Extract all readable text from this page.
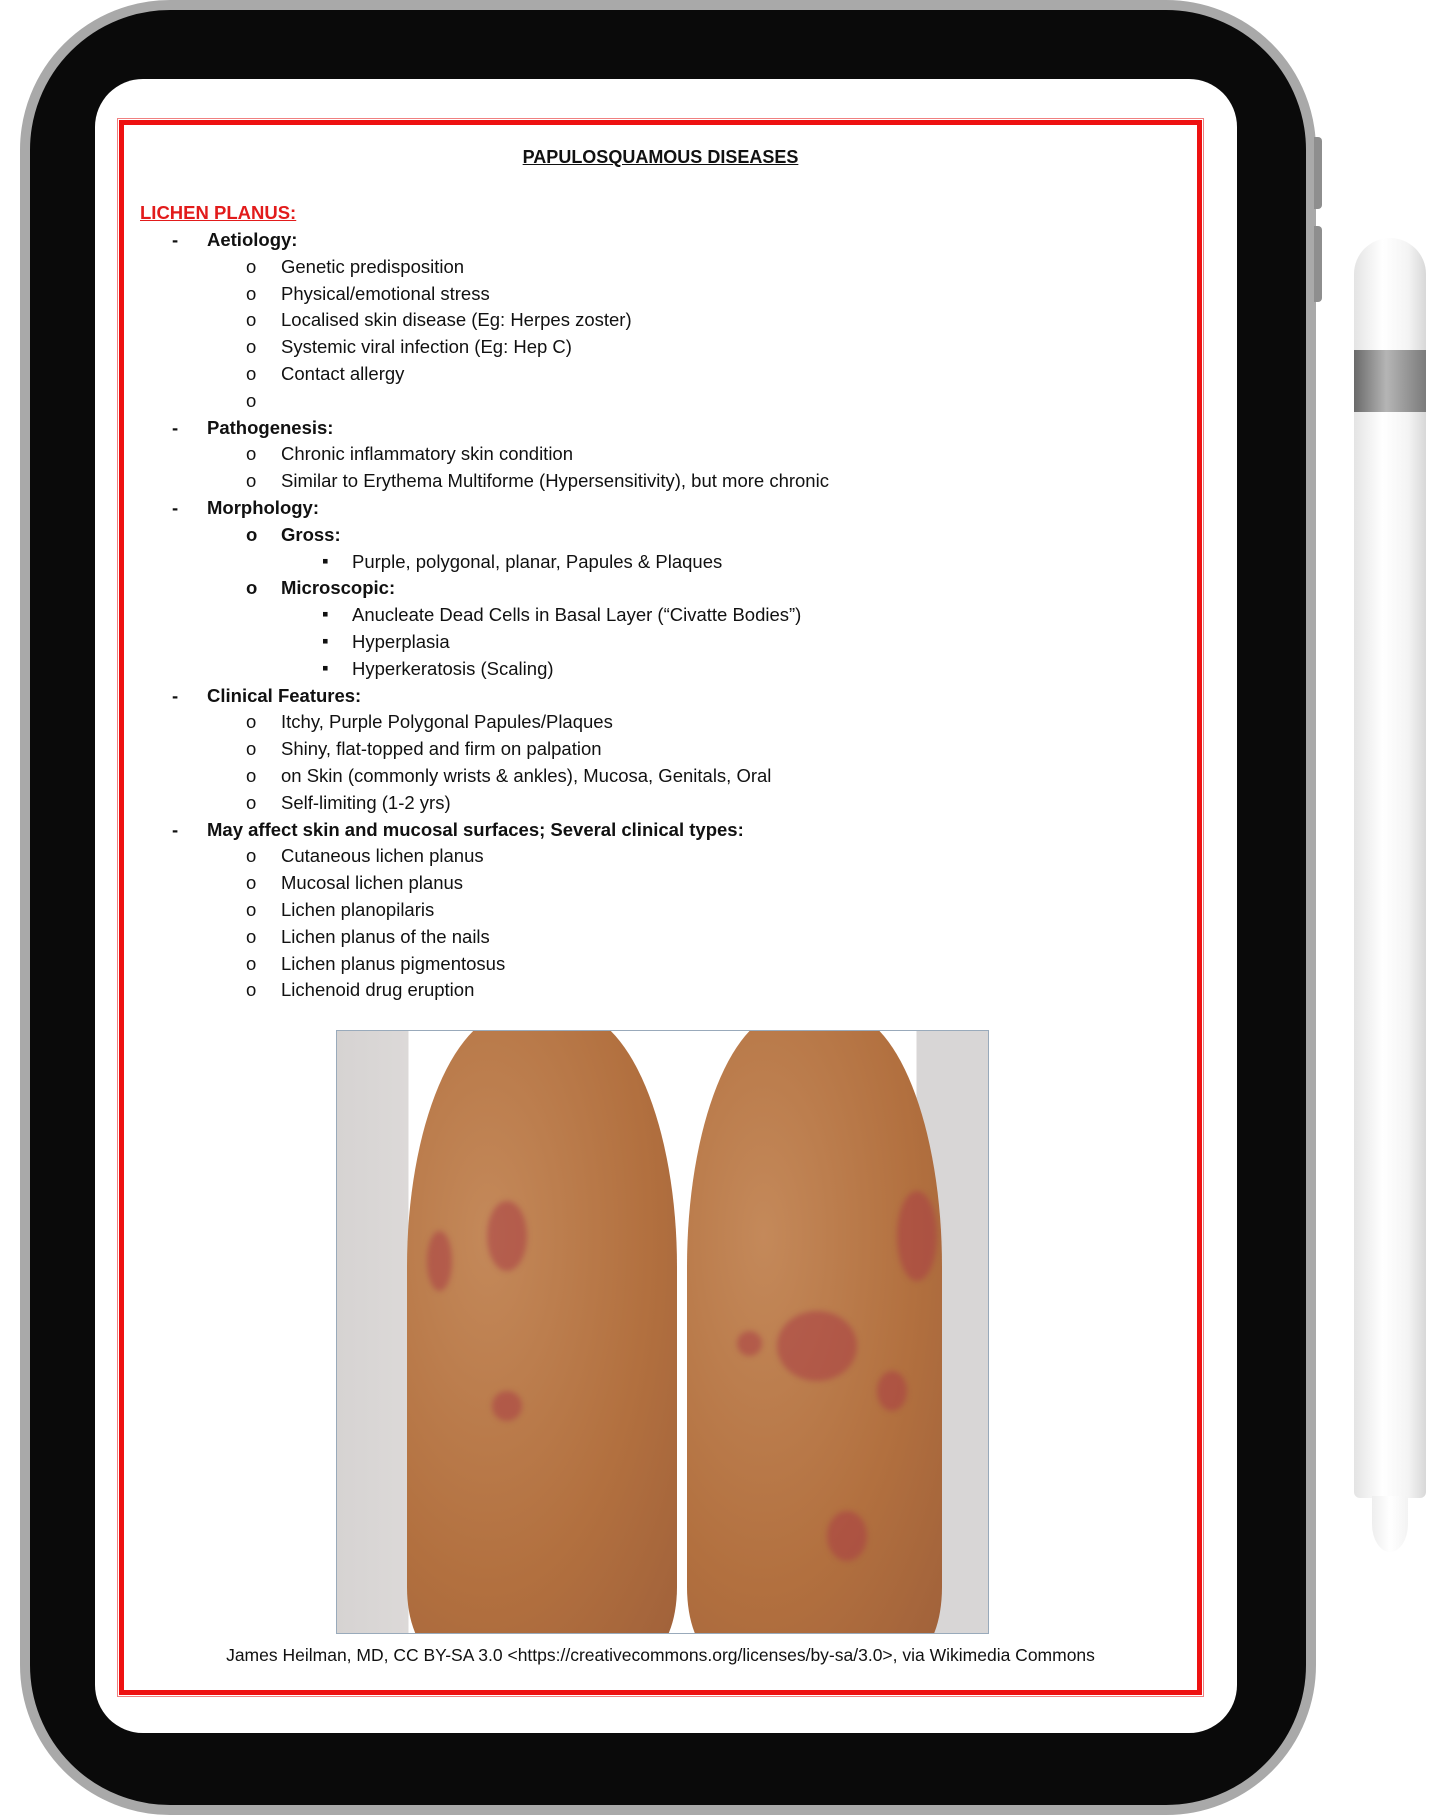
PAPULOSQUAMOUS DISEASES
LICHEN PLANUS:
James Heilman, MD, CC BY-SA 3.0 <https://creativecommons.org/licenses/by-sa/3.0>, via Wikimedia Commons
- Aetiology:
o Genetic predisposition
o Physical/emotional stress
o Localised skin disease (Eg: Herpes zoster)
o Systemic viral infection (Eg: Hep C)
o Contact allergy
o
- Pathogenesis:
o Chronic inflammatory skin condition
o Similar to Erythema Multiforme (Hypersensitivity), but more chronic
- Morphology:
o Gross:
▪ Purple, polygonal, planar, Papules & Plaques
o Microscopic:
▪ Anucleate Dead Cells in Basal Layer (“Civatte Bodies”)
▪ Hyperplasia
▪ Hyperkeratosis (Scaling)
- Clinical Features:
o Itchy, Purple Polygonal Papules/Plaques
o Shiny, flat-topped and firm on palpation
o on Skin (commonly wrists & ankles), Mucosa, Genitals, Oral
o Self-limiting (1-2 yrs)
- May affect skin and mucosal surfaces; Several clinical types:
o Cutaneous lichen planus
o Mucosal lichen planus
o Lichen planopilaris
o Lichen planus of the nails
o Lichen planus pigmentosus
o Lichenoid drug eruption
